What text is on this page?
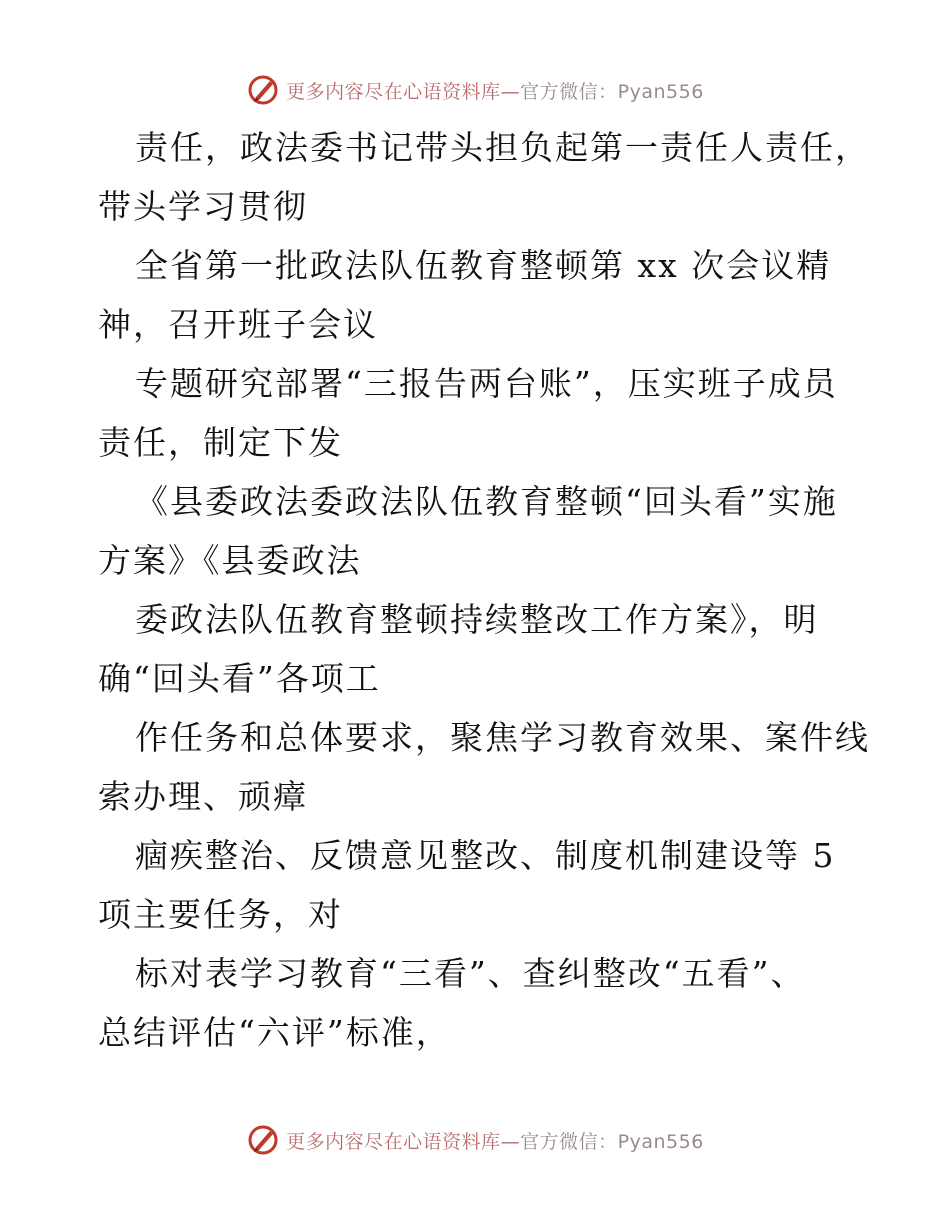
更多内容尽在心语资料库—官方微信：Pyan556
责任，政法委书记带头担负起第一责任人责任，
带头学习贯彻
全省第一批政法队伍教育整顿第 xx 次会议精
神，召开班子会议
专题研究部署“三报告两台账”，压实班子成员
责任，制定下发
《县委政法委政法队伍教育整顿“回头看”实施
方案》《县委政法
委政法队伍教育整顿持续整改工作方案》，明
确“回头看”各项工
作任务和总体要求，聚焦学习教育效果、案件线
索办理、顽瘴
痼疾整治、反馈意见整改、制度机制建设等 5
项主要任务，对
标对表学习教育“三看”、查纠整改“五看”、
总结评估“六评”标准，
更多内容尽在心语资料库—官方微信：Pyan556
